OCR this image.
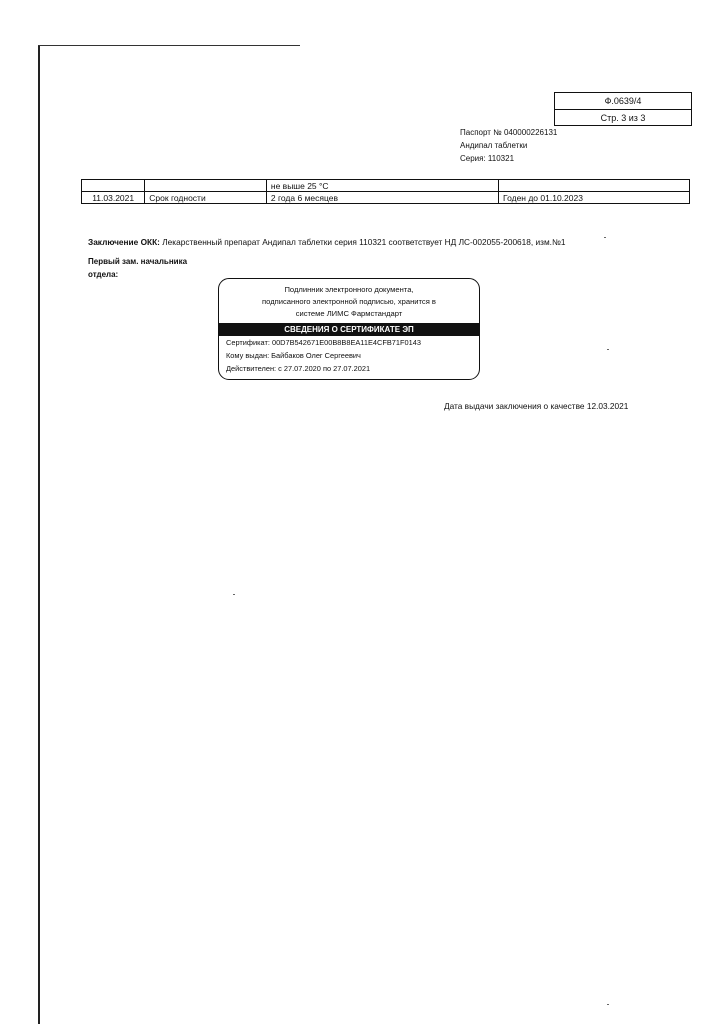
Ф.0639/4
Стр. 3 из 3
Паспорт № 040000226131
Андипал таблетки
Серия: 110321
		не выше 25 °С	
11.03.2021	Срок годности	2 года 6 месяцев	Годен до 01.10.2023
Заключение ОКК: Лекарственный препарат Андипал таблетки серия 110321 соответствует НД ЛС-002055-200618, изм.№1
Первый зам. начальника
отдела:
Подлинник электронного документа,
подписанного электронной подписью, хранится в
системе ЛИМС Фармстандарт
СВЕДЕНИЯ О СЕРТИФИКАТЕ ЭП
Сертификат: 00D7B542671E00B8B8EA11E4CFB71F0143
Кому выдан: Байбаков Олег Сергеевич
Действителен: с 27.07.2020 по 27.07.2021
Дата выдачи заключения о качестве 12.03.2021
